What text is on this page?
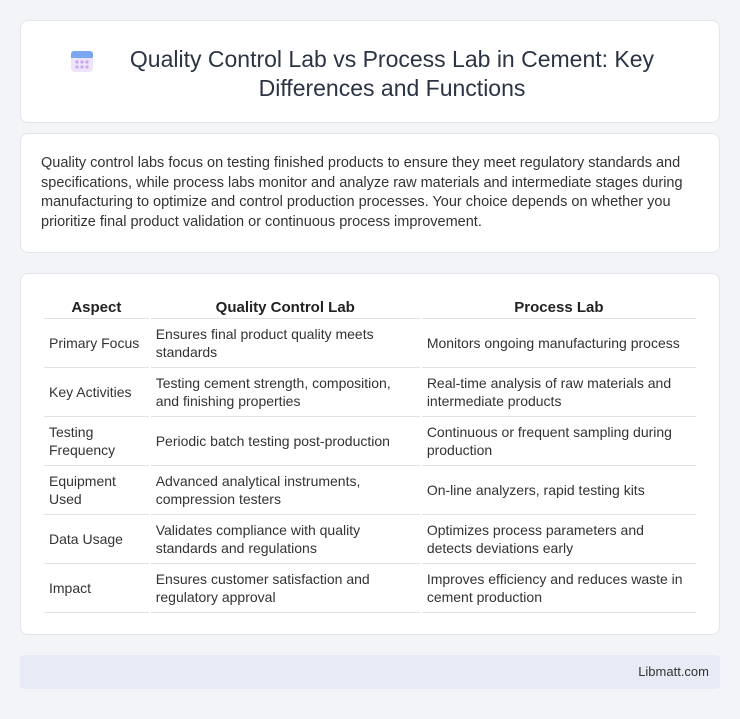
Quality Control Lab vs Process Lab in Cement: Key Differences and Functions

Quality control labs focus on testing finished products to ensure they meet regulatory standards and specifications, while process labs monitor and analyze raw materials and intermediate stages during manufacturing to optimize and control production processes. Your choice depends on whether you prioritize final product validation or continuous process improvement.

Aspect	Quality Control Lab	Process Lab
Primary Focus	Ensures final product quality meets standards	Monitors ongoing manufacturing process
Key Activities	Testing cement strength, composition, and finishing properties	Real-time analysis of raw materials and intermediate products
Testing Frequency	Periodic batch testing post-production	Continuous or frequent sampling during production
Equipment Used	Advanced analytical instruments, compression testers	On-line analyzers, rapid testing kits
Data Usage	Validates compliance with quality standards and regulations	Optimizes process parameters and detects deviations early
Impact	Ensures customer satisfaction and regulatory approval	Improves efficiency and reduces waste in cement production
Libmatt.com
